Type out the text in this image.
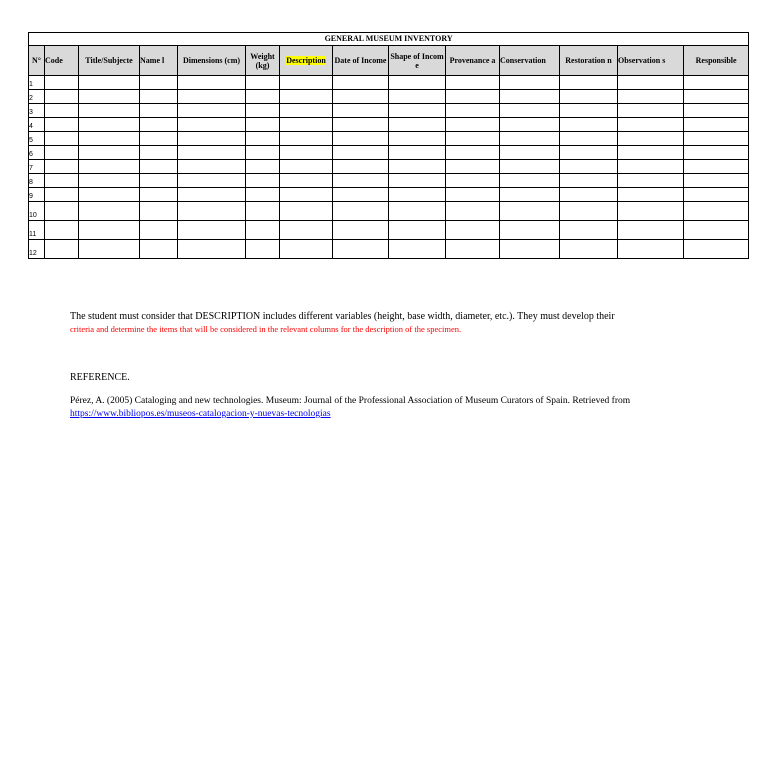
GENERAL MUSEUM INVENTORY													
N°	Code	Title/Subjecte	Name l	Dimensions (cm)	Weight (kg)	Description	Date of Income	Shape of Income	Provenance a	Conservation	Restoration n	Observation s	Responsible
1													
2													
3													
4													
5													
6													
7													
8													
9													
10													
11													
12													

The student must consider that DESCRIPTION includes different variables (height, base width, diameter, etc.). They must develop their
criteria and determine the items that will be considered in the relevant columns for the description of the specimen.

REFERENCE.

Pérez, A. (2005) Cataloging and new technologies. Museum: Journal of the Professional Association of Museum Curators of Spain. Retrieved from
https://www.bibliopos.es/museos-catalogacion-y-nuevas-tecnologias
